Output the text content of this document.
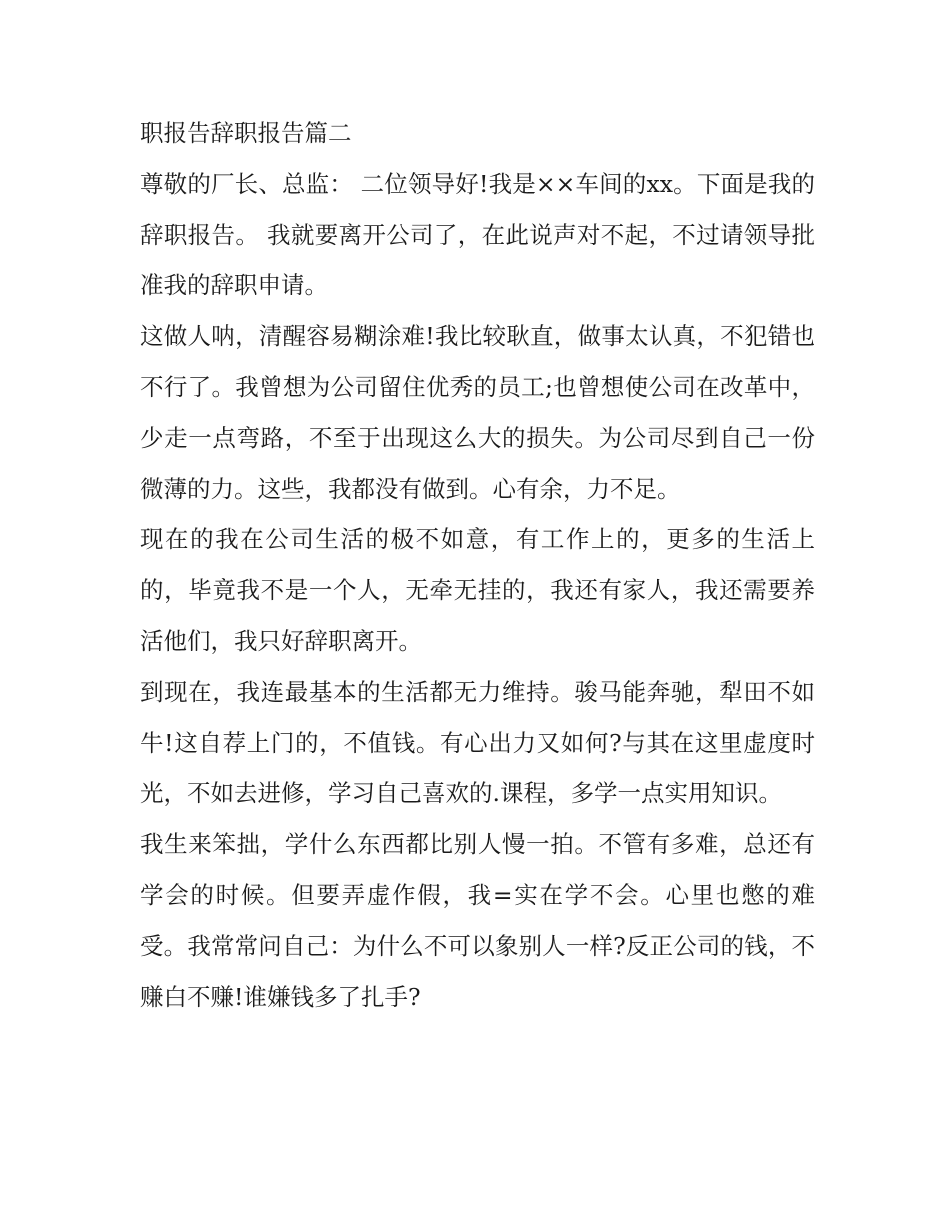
职报告辞职报告篇二

尊敬的厂长、总监： 二位领导好!我是××车间的xx。下面是我的辞职报告。 我就要离开公司了，在此说声对不起，不过请领导批准我的辞职申请。

这做人呐，清醒容易糊涂难!我比较耿直，做事太认真，不犯错也不行了。我曾想为公司留住优秀的员工;也曾想使公司在改革中，少走一点弯路，不至于出现这么大的损失。为公司尽到自己一份微薄的力。这些，我都没有做到。心有余，力不足。

现在的我在公司生活的极不如意，有工作上的，更多的生活上的，毕竟我不是一个人，无牵无挂的，我还有家人，我还需要养活他们，我只好辞职离开。

到现在，我连最基本的生活都无力维持。骏马能奔驰，犁田不如牛!这自荐上门的，不值钱。有心出力又如何?与其在这里虚度时光，不如去进修，学习自己喜欢的.课程，多学一点实用知识。

我生来笨拙，学什么东西都比别人慢一拍。不管有多难，总还有学会的时候。但要弄虚作假，我=实在学不会。心里也憋的难受。我常常问自己：为什么不可以象别人一样?反正公司的钱，不赚白不赚!谁嫌钱多了扎手?
